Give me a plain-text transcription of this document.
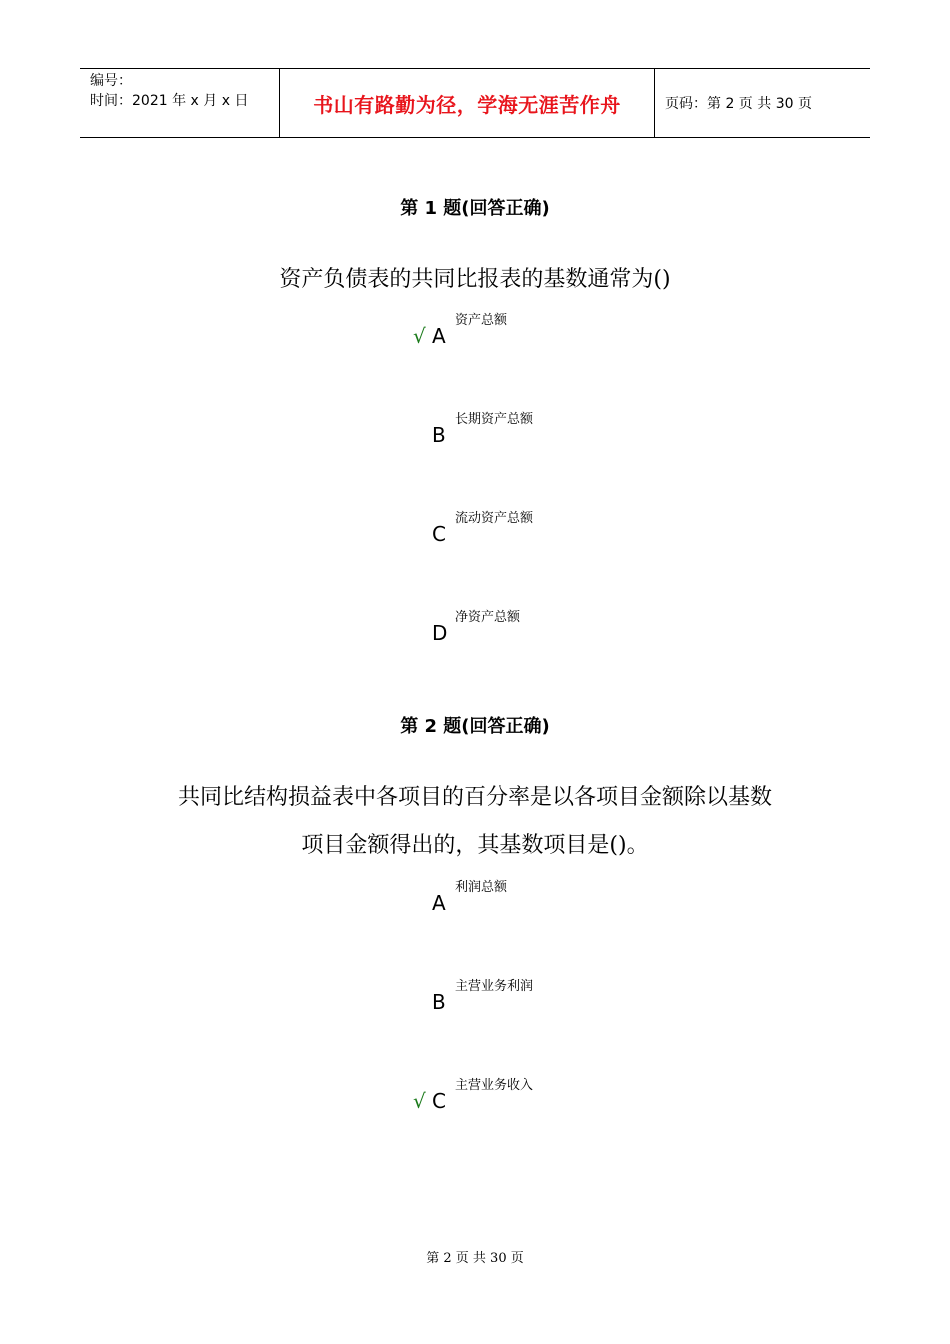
编号：
时间：2021 年 x 月 x 日	书山有路勤为径，学海无涯苦作舟	页码：第 2 页 共 30 页
第 1 题(回答正确)
资产负债表的共同比报表的基数通常为()
√ A
资产总额
B
长期资产总额
C
流动资产总额
D
净资产总额
第 2 题(回答正确)
共同比结构损益表中各项目的百分率是以各项目金额除以基数
项目金额得出的，其基数项目是()。
A
利润总额
B
主营业务利润
√ C
主营业务收入
第 2 页 共 30 页
